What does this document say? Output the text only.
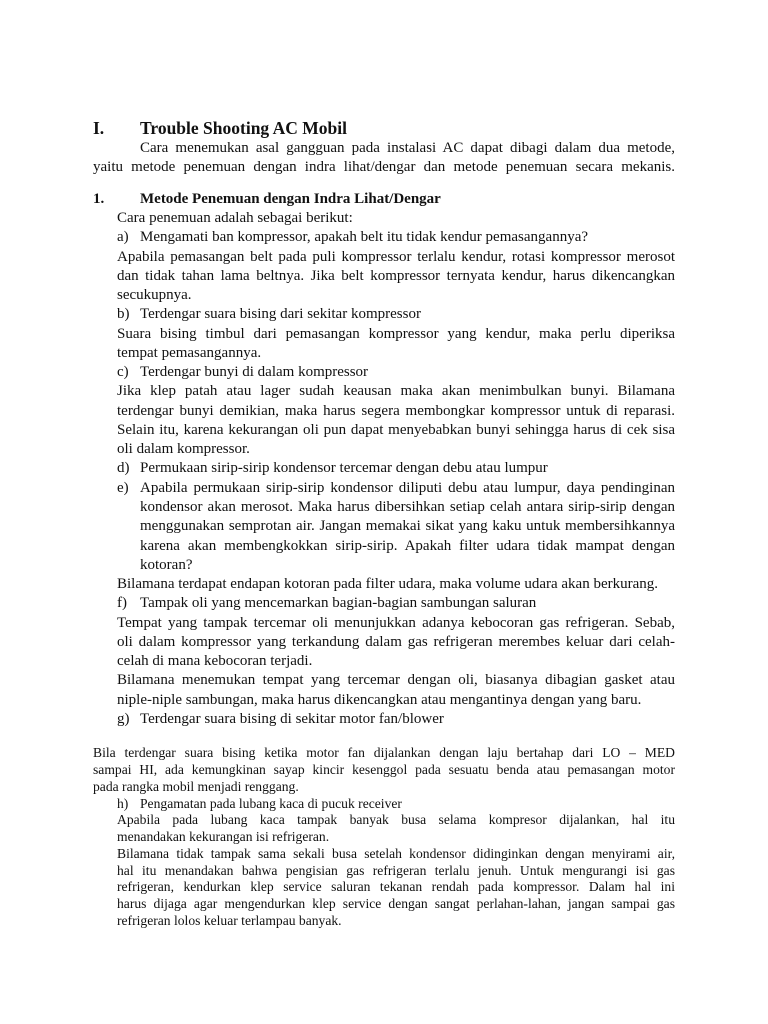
I. Trouble Shooting AC Mobil
Cara menemukan asal gangguan pada instalasi AC dapat dibagi dalam dua metode,
yaitu metode penemuan dengan indra lihat/dengar dan metode penemuan secara mekanis.
1. Metode Penemuan dengan Indra Lihat/Dengar
Cara penemuan adalah sebagai berikut:
a) Mengamati ban kompressor, apakah belt itu tidak kendur pemasangannya?
Apabila pemasangan belt pada puli kompressor terlalu kendur, rotasi kompressor merosot
dan tidak tahan lama beltnya. Jika belt kompressor ternyata kendur, harus dikencangkan
secukupnya.
b) Terdengar suara bising dari sekitar kompressor
Suara bising timbul dari pemasangan kompressor yang kendur, maka perlu diperiksa
tempat pemasangannya.
c) Terdengar bunyi di dalam kompressor
Jika klep patah atau lager sudah keausan maka akan menimbulkan bunyi. Bilamana
terdengar bunyi demikian, maka harus segera membongkar kompressor untuk di reparasi.
Selain itu, karena kekurangan oli pun dapat menyebabkan bunyi sehingga harus di cek sisa
oli dalam kompressor.
d) Permukaan sirip-sirip kondensor tercemar dengan debu atau lumpur
e) Apabila permukaan sirip-sirip kondensor diliputi debu atau lumpur, daya pendinginan
kondensor akan merosot. Maka harus dibersihkan setiap celah antara sirip-sirip dengan
menggunakan semprotan air. Jangan memakai sikat yang kaku untuk membersihkannya
karena akan membengkokkan sirip-sirip. Apakah filter udara tidak mampat dengan
kotoran?
Bilamana terdapat endapan kotoran pada filter udara, maka volume udara akan berkurang.
f) Tampak oli yang mencemarkan bagian-bagian sambungan saluran
Tempat yang tampak tercemar oli menunjukkan adanya kebocoran gas refrigeran. Sebab,
oli dalam kompressor yang terkandung dalam gas refrigeran merembes keluar dari celah-
celah di mana kebocoran terjadi.
Bilamana menemukan tempat yang tercemar dengan oli, biasanya dibagian gasket atau
niple-niple sambungan, maka harus dikencangkan atau mengantinya dengan yang baru.
g) Terdengar suara bising di sekitar motor fan/blower
Bila terdengar suara bising ketika motor fan dijalankan dengan laju bertahap dari LO – MED
sampai HI, ada kemungkinan sayap kincir kesenggol pada sesuatu benda atau pemasangan motor
pada rangka mobil menjadi renggang.
h) Pengamatan pada lubang kaca di pucuk receiver
Apabila pada lubang kaca tampak banyak busa selama kompresor dijalankan, hal itu
menandakan kekurangan isi refrigeran.
Bilamana tidak tampak sama sekali busa setelah kondensor didinginkan dengan menyirami air,
hal itu menandakan bahwa pengisian gas refrigeran terlalu jenuh. Untuk mengurangi isi gas
refrigeran, kendurkan klep service saluran tekanan rendah pada kompressor. Dalam hal ini
harus dijaga agar mengendurkan klep service dengan sangat perlahan-lahan, jangan sampai gas
refrigeran lolos keluar terlampau banyak.
